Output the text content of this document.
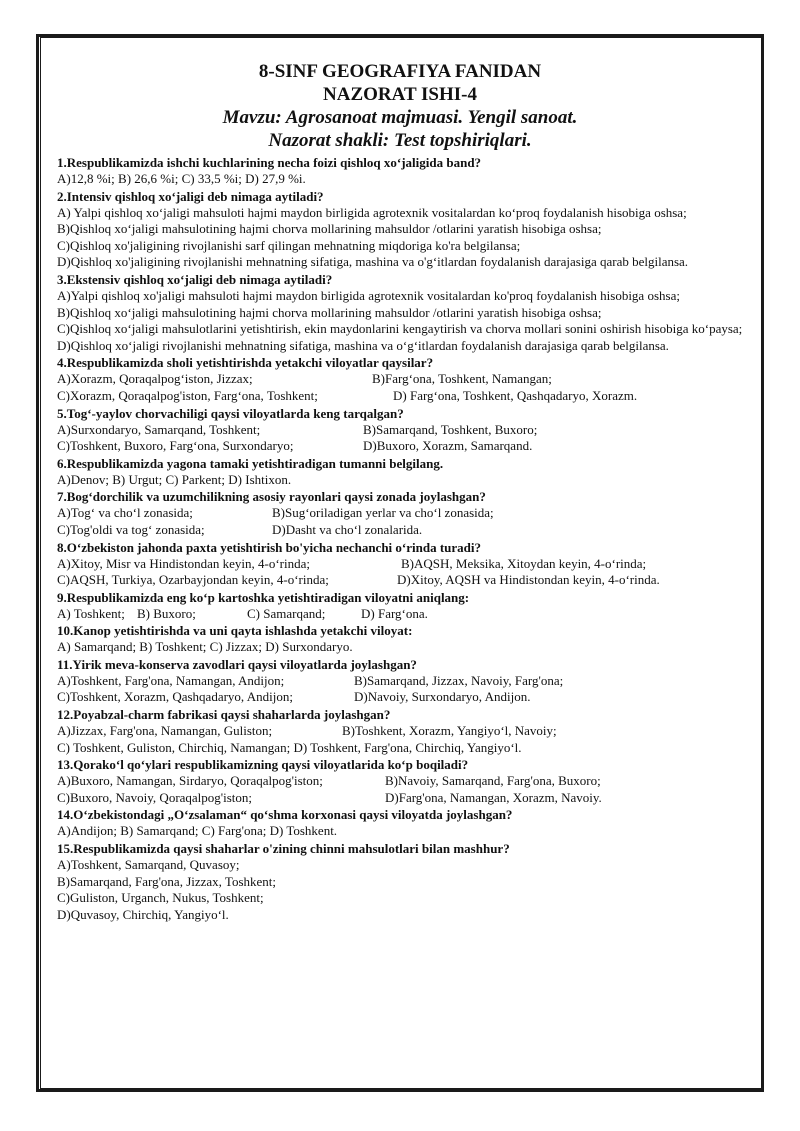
8-SINF GEOGRAFIYA FANIDAN

NAZORAT ISHI-4

Mavzu: Agrosanoat majmuasi. Yengil sanoat.

Nazorat shakli: Test topshiriqlari.

1.Respublikamizda ishchi kuchlarining necha foizi qishloq xo‘jaligida band?

A)12,8 %i; B) 26,6 %i; C) 33,5 %i; D) 27,9 %i.

2.Intensiv qishloq xo‘jaligi deb nimaga aytiladi?

A) Yalpi qishloq xo‘jaligi mahsuloti hajmi maydon birligida agrotexnik vositalardan ko‘proq foydalanish hisobiga oshsa;

B)Qishloq xo‘jaligi mahsulotining hajmi chorva mollarining mahsuldor /otlarini yaratish hisobiga oshsa;

C)Qishloq xo'jaligining rivojlanishi sarf qilingan mehnatning miqdoriga ko'ra belgilansa;

D)Qishloq xo'jaligining rivojlanishi mehnatning sifatiga, mashina va o'g‘itlardan foydalanish darajasiga qarab belgilansa.

3.Ekstensiv qishloq xo‘jaligi deb nimaga aytiladi?

A)Yalpi qishloq xo'jaligi mahsuloti hajmi maydon birligida agrotexnik vositalardan ko'proq foydalanish hisobiga oshsa;

B)Qishloq xo‘jaligi mahsulotining hajmi chorva mollarining mahsuldor /otlarini yaratish hisobiga oshsa;

C)Qishloq xo‘jaligi mahsulotlarini yetishtirish, ekin maydonlarini kengaytirish va chorva mollari sonini oshirish hisobiga ko‘paysa;

D)Qishloq xo‘jaligi rivojlanishi mehnatning sifatiga, mashina va o‘g‘itlardan foydalanish darajasiga qarab belgilansa.

4.Respublikamizda sholi yetishtirishda yetakchi viloyatlar qaysilar?

A)Xorazm, Qoraqalpog‘iston, Jizzax;	B)Farg‘ona, Toshkent, Namangan;
C)Xorazm, Qoraqalpog'iston, Farg‘ona, Toshkent;	D) Farg‘ona, Toshkent, Qashqadaryo, Xorazm.

5.Tog‘-yaylov chorvachiligi qaysi viloyatlarda keng tarqalgan?

A)Surxondaryo, Samarqand, Toshkent;	B)Samarqand, Toshkent, Buxoro;
C)Toshkent, Buxoro, Farg‘ona, Surxondaryo;	D)Buxoro, Xorazm, Samarqand.

6.Respublikamizda yagona tamaki yetishtiradigan tumanni belgilang.

A)Denov; B) Urgut; C) Parkent; D) Ishtixon.

7.Bog‘dorchilik va uzumchilikning asosiy rayonlari qaysi zonada joylashgan?

A)Tog‘ va cho‘l zonasida;	B)Sug‘oriladigan yerlar va cho‘l zonasida;
C)Tog'oldi va tog‘ zonasida;	D)Dasht va cho‘l zonalarida.

8.O‘zbekiston jahonda paxta yetishtirish bo'yicha nechanchi o‘rinda turadi?

A)Xitoy, Misr va Hindistondan keyin, 4-o‘rinda;	B)AQSH, Meksika, Xitoydan keyin, 4-o‘rinda;
C)AQSH, Turkiya, Ozarbayjondan keyin, 4-o‘rinda;	D)Xitoy, AQSH va Hindistondan keyin, 4-o‘rinda.

9.Respublikamizda eng ko‘p kartoshka yetishtiradigan viloyatni aniqlang:

A) Toshkent; B) Buxoro;	C) Samarqand;	D) Farg‘ona.

10.Kanop yetishtirishda va uni qayta ishlashda yetakchi viloyat:

A) Samarqand; B) Toshkent; C) Jizzax; D) Surxondaryo.

11.Yirik meva-konserva zavodlari qaysi viloyatlarda joylashgan?

A)Toshkent, Farg'ona, Namangan, Andijon;	B)Samarqand, Jizzax, Navoiy, Farg'ona;
C)Toshkent, Xorazm, Qashqadaryo, Andijon;	D)Navoiy, Surxondaryo, Andijon.

12.Poyabzal-charm fabrikasi qaysi shaharlarda joylashgan?

A)Jizzax, Farg'ona, Namangan, Guliston;	B)Toshkent, Xorazm, Yangiyo‘l, Navoiy;

C) Toshkent, Guliston, Chirchiq, Namangan; D) Toshkent, Farg'ona, Chirchiq, Yangiyo‘l.

13.Qorako‘l qo‘ylari respublikamizning qaysi viloyatlarida ko‘p boqiladi?

A)Buxoro, Namangan, Sirdaryo, Qoraqalpog'iston;	B)Navoiy, Samarqand, Farg'ona, Buxoro;
C)Buxoro, Navoiy, Qoraqalpog'iston;	D)Farg'ona, Namangan, Xorazm, Navoiy.

14.O‘zbekistondagi „O‘zsalaman“ qo‘shma korxonasi qaysi viloyatda joylashgan?

A)Andijon; B) Samarqand; C) Farg'ona; D) Toshkent.

15.Respublikamizda qaysi shaharlar o'zining chinni mahsulotlari bilan mashhur?

A)Toshkent, Samarqand, Quvasoy;

B)Samarqand, Farg'ona, Jizzax, Toshkent;

C)Guliston, Urganch, Nukus, Toshkent;

D)Quvasoy, Chirchiq, Yangiyo‘l.
